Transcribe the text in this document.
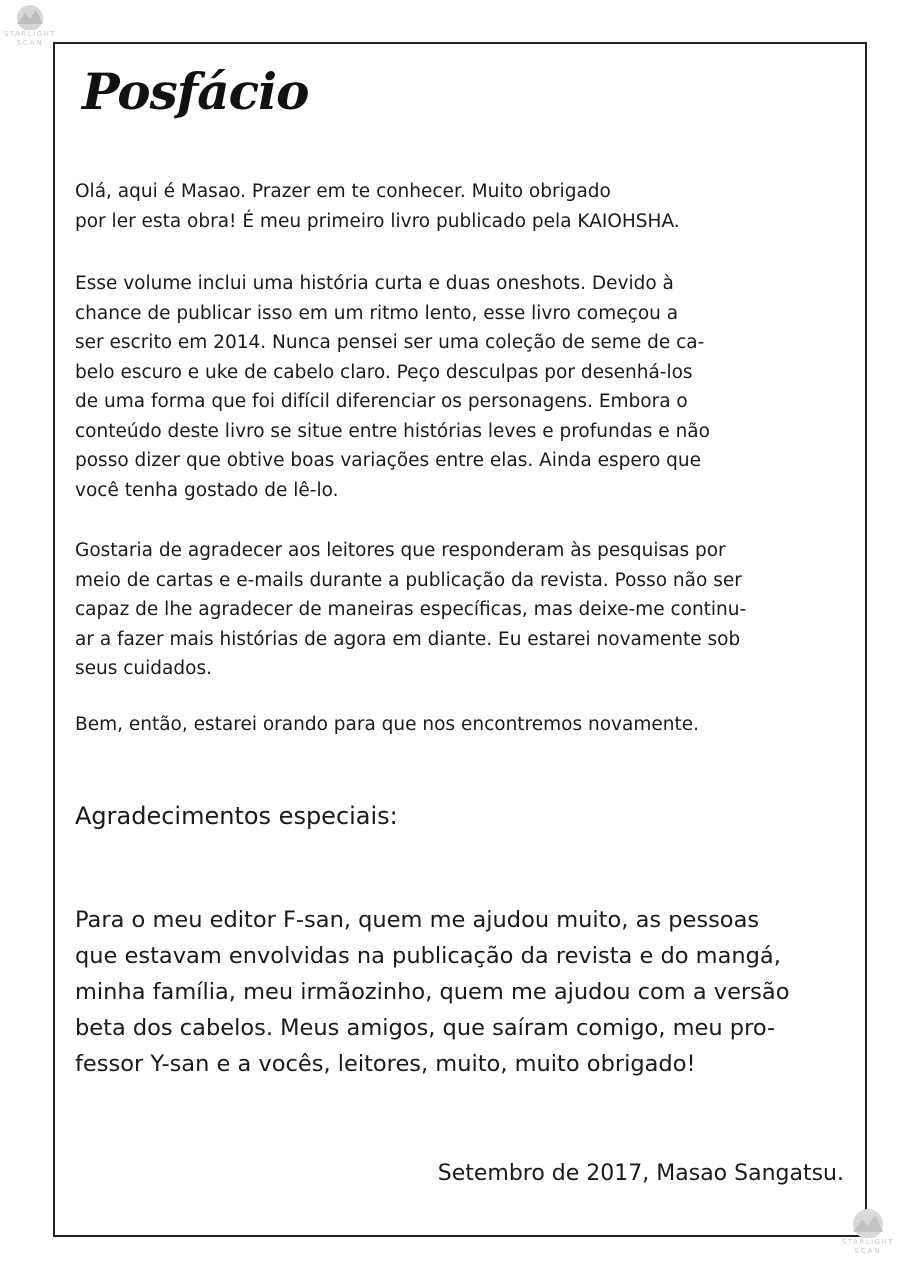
STARLIGHT
SCAN
Posfácio

Olá, aqui é Masao. Prazer em te conhecer. Muito obrigado
por ler esta obra! É meu primeiro livro publicado pela KAIOHSHA.

Esse volume inclui uma história curta e duas oneshots. Devido à
chance de publicar isso em um ritmo lento, esse livro começou a
ser escrito em 2014. Nunca pensei ser uma coleção de seme de ca-
belo escuro e uke de cabelo claro. Peço desculpas por desenhá-los
de uma forma que foi difícil diferenciar os personagens. Embora o
conteúdo deste livro se situe entre histórias leves e profundas e não
posso dizer que obtive boas variações entre elas. Ainda espero que
você tenha gostado de lê-lo.

Gostaria de agradecer aos leitores que responderam às pesquisas por
meio de cartas e e-mails durante a publicação da revista. Posso não ser
capaz de lhe agradecer de maneiras específicas, mas deixe-me continu-
ar a fazer mais histórias de agora em diante. Eu estarei novamente sob
seus cuidados.

Bem, então, estarei orando para que nos encontremos novamente.

Agradecimentos especiais:

Para o meu editor F-san, quem me ajudou muito, as pessoas
que estavam envolvidas na publicação da revista e do mangá,
minha família, meu irmãozinho, quem me ajudou com a versão
beta dos cabelos. Meus amigos, que saíram comigo, meu pro-
fessor Y-san e a vocês, leitores, muito, muito obrigado!

Setembro de 2017, Masao Sangatsu.
STARLIGHT
SCAN
